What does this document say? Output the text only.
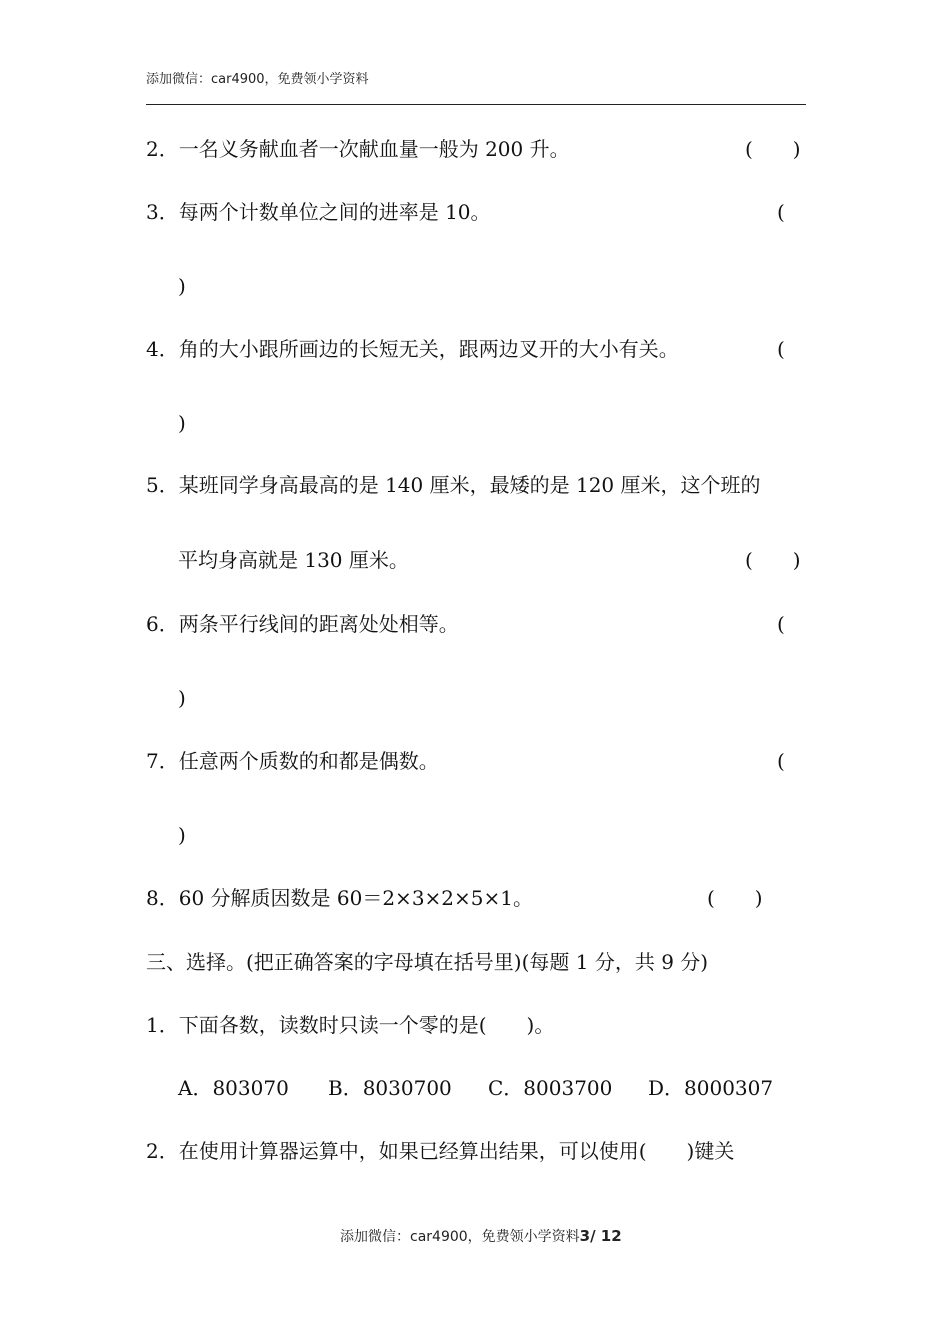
添加微信：car4900，免费领小学资料
2．一名义务献血者一次献血量一般为 200 升。	(　　)
3．每两个计数单位之间的进率是 10。	(
)
4．角的大小跟所画边的长短无关，跟两边叉开的大小有关。	(
)
5．某班同学身高最高的是 140 厘米，最矮的是 120 厘米，这个班的
平均身高就是 130 厘米。	(　　)
6．两条平行线间的距离处处相等。	(
)
7．任意两个质数的和都是偶数。	(
)
8．60 分解质因数是 60＝2×3×2×5×1。	(　　)
三、选择。(把正确答案的字母填在括号里)(每题 1 分，共 9 分)
1．下面各数，读数时只读一个零的是(　　)。
A．803070 B．8030700 C．8003700 D．8000307
2．在使用计算器运算中，如果已经算出结果，可以使用(　　)键关
添加微信：car4900，免费领小学资料3/ 12
